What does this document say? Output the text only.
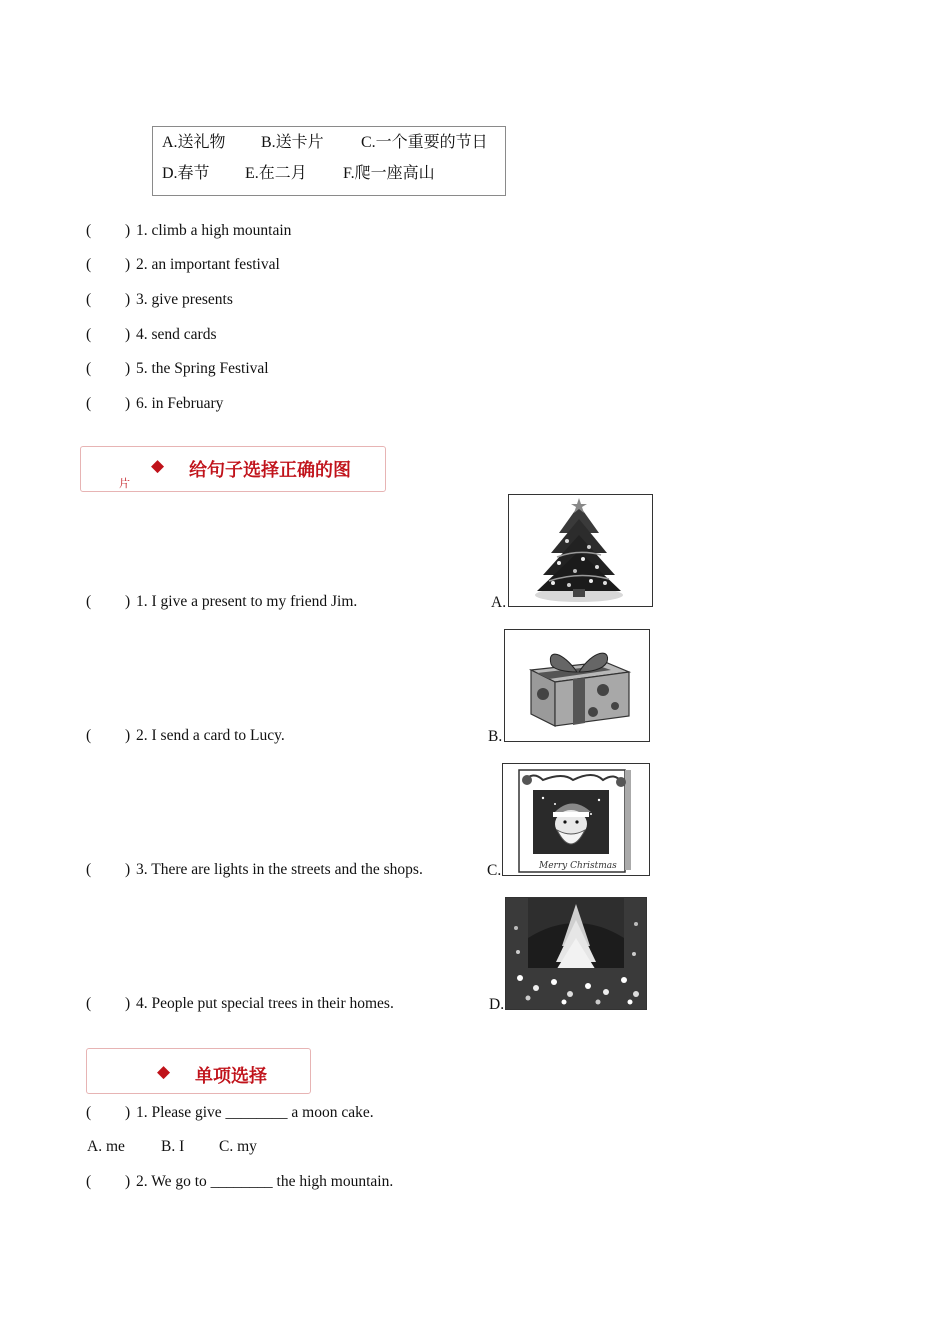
A.送礼物 B.送卡片 C.一个重要的节日
D.春节 E.在二月 F.爬一座高山
( ) 1. climb a high mountain
( ) 2. an important festival
( ) 3. give presents
( ) 4. send cards
( ) 5. the Spring Festival
( ) 6. in February
◆ 给句子选择正确的图
片
( ) 1. I give a present to my friend Jim.
( ) 2. I send a card to Lucy.
( ) 3. There are lights in the streets and the shops.
( ) 4. People put special trees in their homes.
A.
B.
C.
D.
Merry Christmas
◆ 单项选择
( ) 1. Please give ________ a moon cake.
A. me B. I C. my
( ) 2. We go to ________ the high mountain.
